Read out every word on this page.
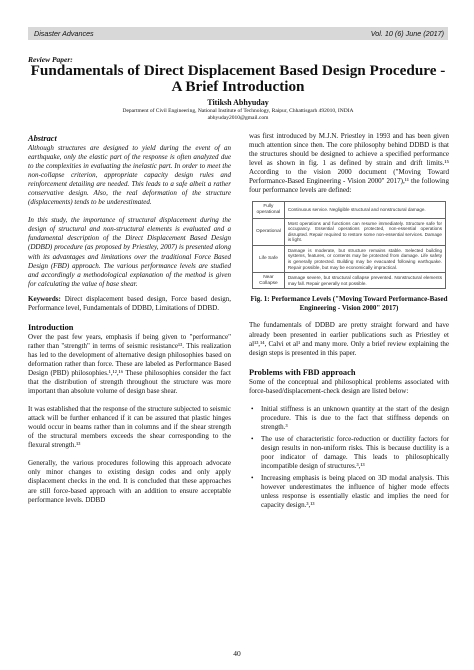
Disaster Advances	Vol. 10 (6) June (2017)
Review Paper:
Fundamentals of Direct Displacement Based Design Procedure - A Brief Introduction
Titiksh Abhyuday
Department of Civil Engineering, National Institute of Technology, Raipur, Chhattisgarh 492010, INDIA
abhyuday2010@gmail.com
Abstract

Although structures are designed to yield during the event of an earthquake, only the elastic part of the response is often analyzed due to the complexities in evaluating the inelastic part. In order to meet the non-collapse criterion, appropriate capacity design rules and reinforcement detailing are needed. This leads to a safe albeit a rather conservative design. Also, the real deformation of the structure (displacements) tends to be underestimated.

In this study, the importance of structural displacement during the design of structural and non-structural elements is evaluated and a fundamental description of the Direct Displacement Based Design (DDBD) procedure (as proposed by Priestley, 2007) is presented along with its advantages and limitations over the traditional Force Based Design (FBD) approach. The various performance levels are studied and accordingly a methodological explanation of the method is given for calculating the value of base shear.

Keywords: Direct displacement based design, Force based design, Performance level, Fundamentals of DDBD, Limitations of DDBD.

Introduction

Over the past few years, emphasis if being given to "performance" rather than "strength" in terms of seismic resistance¹³. This realization has led to the development of alternative design philosophies based on deformation rather than force. These are labeled as Performance Based Design (PBD) philosophies.¹,¹²,¹⁶ These philosophies consider the fact that the distribution of strength throughout the structure was more important than absolute volume of design base shear.

It was established that the response of the structure subjected to seismic attack will be further enhanced if it can be assured that plastic hinges would occur in beams rather than in columns and if the shear strength of the structural members exceeds the shear corresponding to the flexural strength.¹³

Generally, the various procedures following this approach advocate only minor changes to existing design codes and only apply displacement checks in the end. It is concluded that these approaches are still force-based approach with an addition to ensure acceptable performance levels. DDBD

was first introduced by M.J.N. Priestley in 1993 and has been given much attention since then. The core philosophy behind DDBD is that the structures should be designed to achieve a specified performance level as shown in fig. 1 as defined by strain and drift limits.¹⁵ According to the vision 2000 document ("Moving Toward Performance-Based Engineering - Vision 2000" 2017),¹¹ the following four performance levels are defined:

Fully operational	Continuous service. Negligible structural and nonstructural damage.
Operational	Most operations and functions can resume immediately. Structure safe for occupancy. Essential operations protected, non-essential operations disrupted. Repair required to restore some non-essential services. Damage is light.
Life Safe	Damage is moderate, but structure remains stable. Selected building systems, features, or contents may be protected from damage. Life safety is generally protected. Building may be evacuated following earthquake. Repair possible, but may be economically impractical.
Near Collapse	Damage severe, but structural collapse prevented. Nonstructural elements may fall. Repair generally not possible.

Fig. 1: Performance Levels ("Moving Toward Performance-Based Engineering - Vision 2000" 2017)

The fundamentals of DDBD are pretty straight forward and have already been presented in earlier publications such as Priestley et al¹³,¹⁴, Calvi et al¹ and many more. Only a brief review explaining the design steps is presented in this paper.

Problems with FBD approach

Some of the conceptual and philosophical problems associated with force-based/displacement-check design are listed below:

• Initial stiffness is an unknown quantity at the start of the design procedure. This is due to the fact that stiffness depends on strength.³
• The use of characteristic force-reduction or ductility factors for design results in non-uniform risks. This is because ductility is a poor indicator of damage. This leads to philosophically incompatible design of structures.³,¹³
• Increasing emphasis is being placed on 3D modal analysis. This however underestimates the influence of higher mode effects unless response is essentially elastic and implies the need for capacity design.³,¹³
40
